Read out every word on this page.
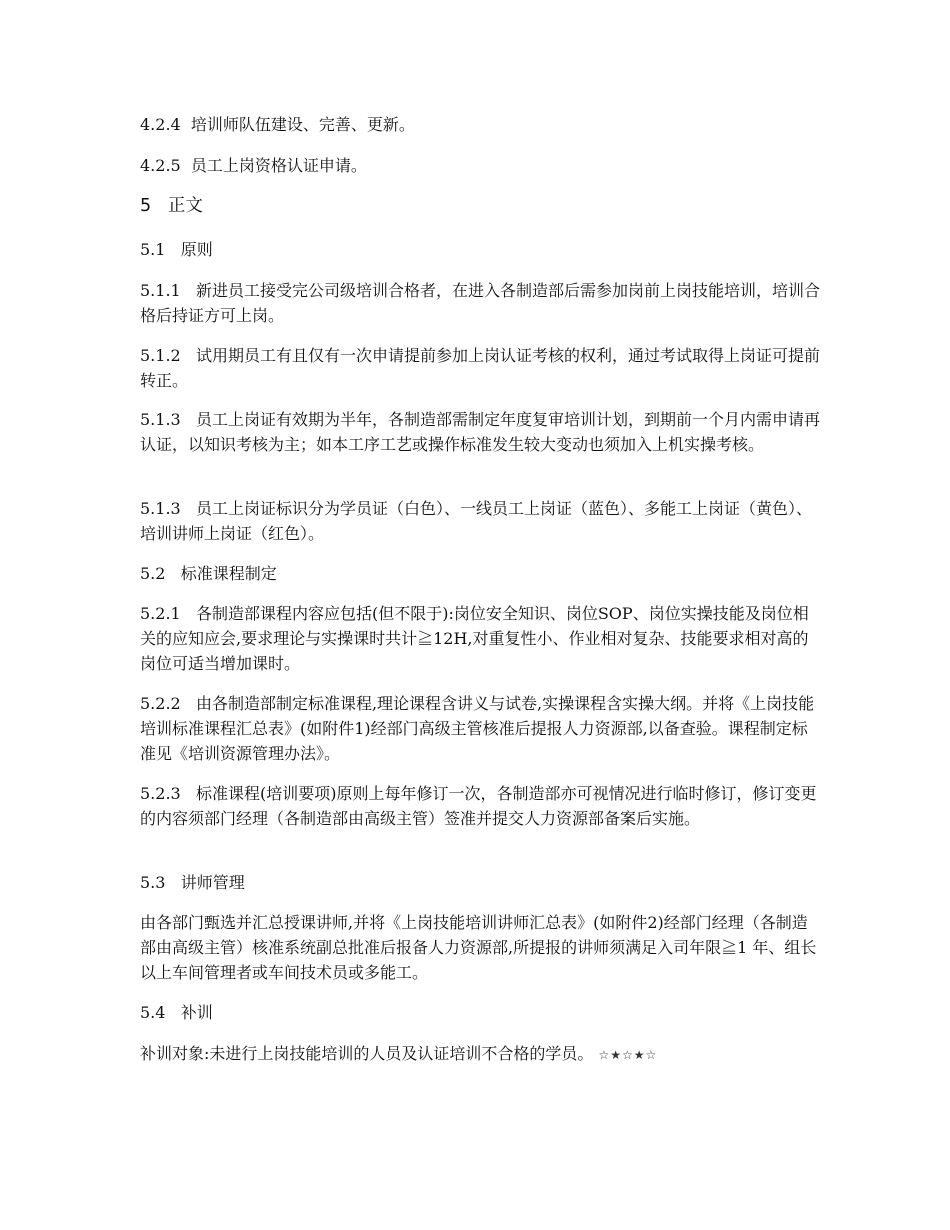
4.2.4  培训师队伍建设、完善、更新。
4.2.5  员工上岗资格认证申请。
5   正文
5.1   原则
5.1.1   新进员工接受完公司级培训合格者，在进入各制造部后需参加岗前上岗技能培训，培训合格后持证方可上岗。
5.1.2   试用期员工有且仅有一次申请提前参加上岗认证考核的权利，通过考试取得上岗证可提前转正。
5.1.3   员工上岗证有效期为半年，各制造部需制定年度复审培训计划，到期前一个月内需申请再认证，以知识考核为主；如本工序工艺或操作标准发生较大变动也须加入上机实操考核。
5.1.3   员工上岗证标识分为学员证（白色）、一线员工上岗证（蓝色）、多能工上岗证（黄色）、培训讲师上岗证（红色）。
5.2   标准课程制定
5.2.1   各制造部课程内容应包括(但不限于):岗位安全知识、岗位SOP、岗位实操技能及岗位相关的应知应会,要求理论与实操课时共计≧12H,对重复性小、作业相对复杂、技能要求相对高的岗位可适当增加课时。
5.2.2   由各制造部制定标准课程,理论课程含讲义与试卷,实操课程含实操大纲。并将《上岗技能培训标准课程汇总表》(如附件1)经部门高级主管核准后提报人力资源部,以备查验。课程制定标准见《培训资源管理办法》。
5.2.3   标准课程(培训要项)原则上每年修订一次，各制造部亦可视情况进行临时修订，修订变更的内容须部门经理（各制造部由高级主管）签准并提交人力资源部备案后实施。
5.3   讲师管理
由各部门甄选并汇总授课讲师,并将《上岗技能培训讲师汇总表》(如附件2)经部门经理（各制造部由高级主管）核准系统副总批准后报备人力资源部,所提报的讲师须满足入司年限≧1 年、组长以上车间管理者或车间技术员或多能工。
5.4   补训
补训对象:未进行上岗技能培训的人员及认证培训不合格的学员。 ☆★☆★☆
